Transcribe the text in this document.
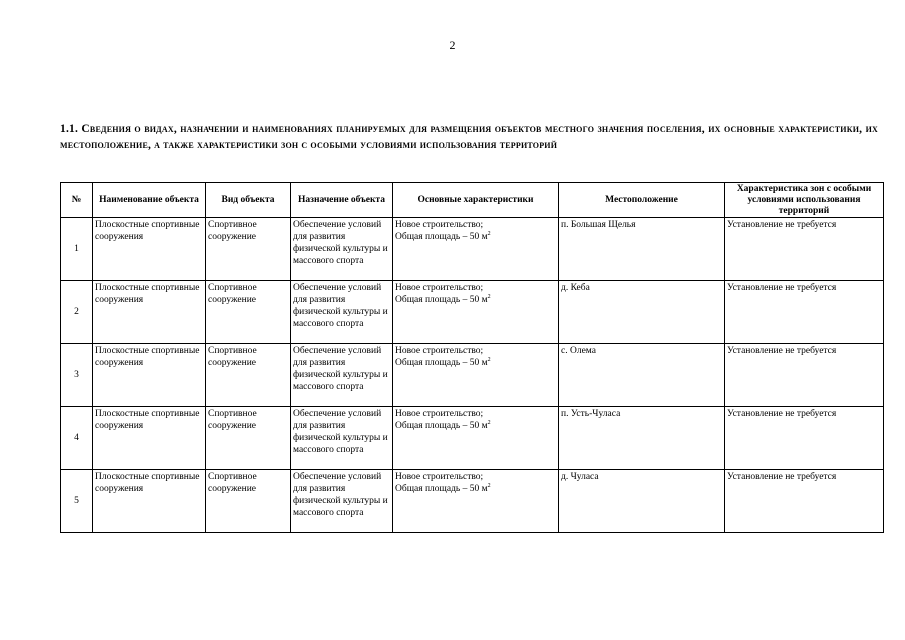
2
1.1. Сведения о видах, назначении и наименованиях планируемых для размещения объектов местного значения поселения, их основные характеристики, их местоположение, а также характеристики зон с особыми условиями использования территорий
№	Наименование объекта	Вид объекта	Назначение объекта	Основные характеристики	Местоположение	Характеристика зон с особыми условиями использования территорий
1	Плоскостные спортивные сооружения	Спортивное сооружение	Обеспечение условий для развития физической культуры и массового спорта	Новое строительство;
Общая площадь – 50 $м^2$	п. Большая Щелья	Установление не требуется
2	Плоскостные спортивные сооружения	Спортивное сооружение	Обеспечение условий для развития физической культуры и массового спорта	Новое строительство;
Общая площадь – 50 $м^2$	д. Кеба	Установление не требуется
3	Плоскостные спортивные сооружения	Спортивное сооружение	Обеспечение условий для развития физической культуры и массового спорта	Новое строительство;
Общая площадь – 50 $м^2$	с. Олема	Установление не требуется
4	Плоскостные спортивные сооружения	Спортивное сооружение	Обеспечение условий для развития физической культуры и массового спорта	Новое строительство;
Общая площадь – 50 $м^2$	п. Усть-Чуласа	Установление не требуется
5	Плоскостные спортивные сооружения	Спортивное сооружение	Обеспечение условий для развития физической культуры и массового спорта	Новое строительство;
Общая площадь – 50 $м^2$	д. Чуласа	Установление не требуется
